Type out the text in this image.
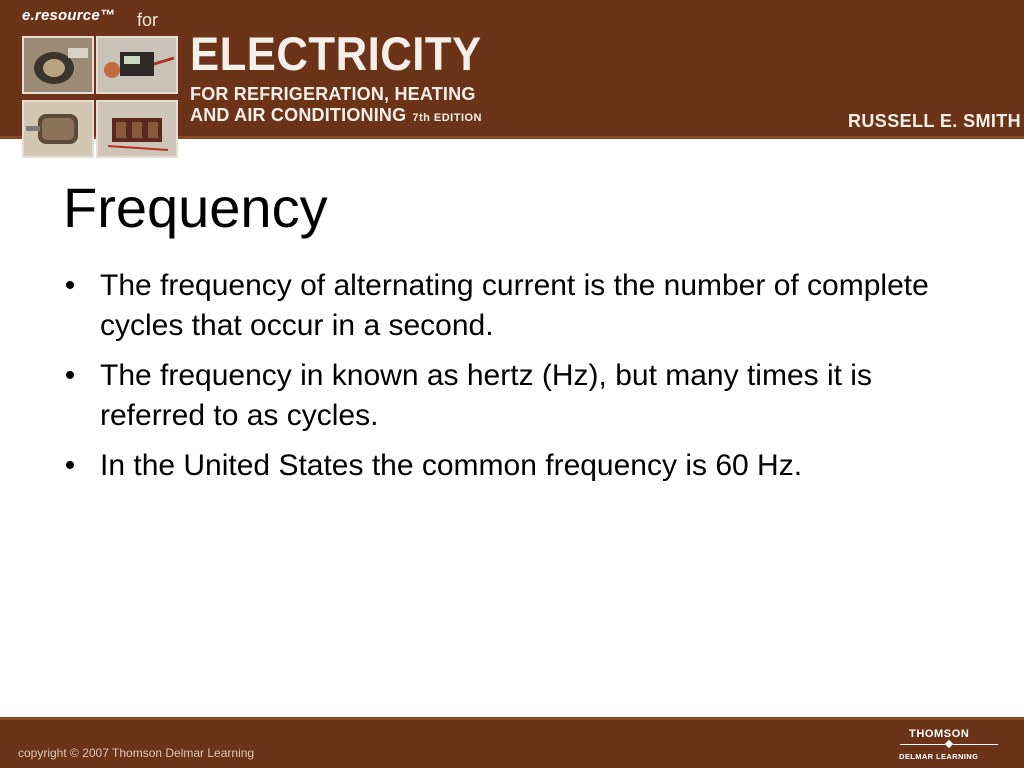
e.resource™ for
ELECTRICITY
FOR REFRIGERATION, HEATING
AND AIR CONDITIONING 7th EDITION	RUSSELL E. SMITH
Frequency
• The frequency of alternating current is the number of complete cycles that occur in a second.
• The frequency in known as hertz (Hz), but many times it is referred to as cycles.
• In the United States the common frequency is 60 Hz.
copyright © 2007 Thomson Delmar Learning
THOMSON
DELMAR LEARNING
